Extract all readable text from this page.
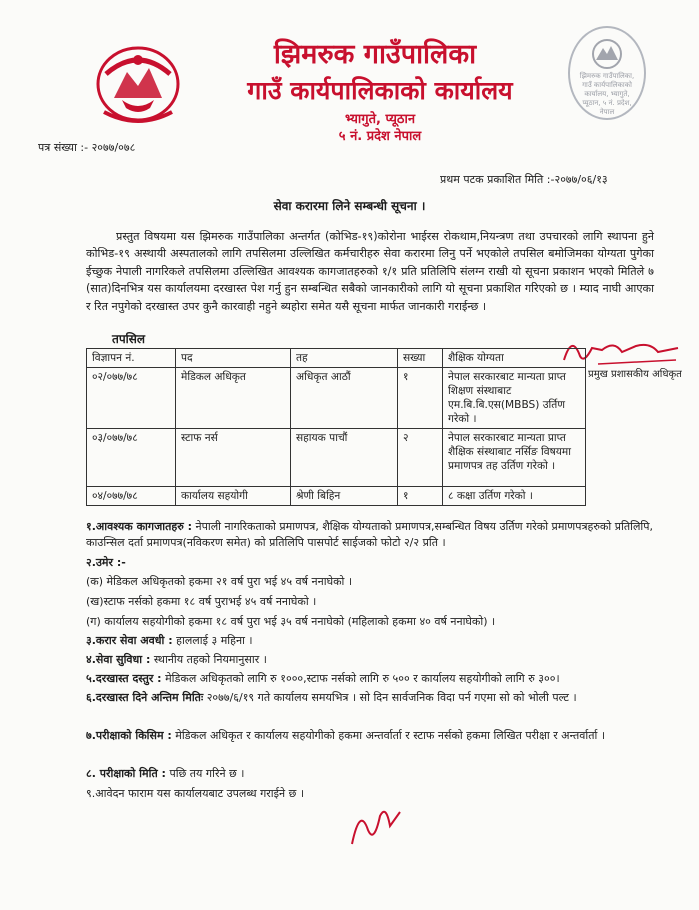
झिमरुक गाउँपालिका
गाउँ कार्यपालिकाको कार्यालय
भ्यागुते, प्यूठान
५ नं. प्रदेश नेपाल
झिमरुक गाउँपालिका, गाउँ कार्यपालिकाको कार्यालय, भ्यागुते, प्यूठान, ५ नं. प्रदेश, नेपाल
पत्र संख्या :- २०७७/०७८
प्रथम पटक प्रकाशित मिति :-२०७७/०६/१३
सेवा करारमा लिने सम्बन्धी सूचना ।
प्रस्तुत विषयमा यस झिमरुक गाउँपालिका अन्तर्गत (कोभिड-१९)कोरोना भाईरस रोकथाम,नियन्त्रण तथा उपचारको लागि स्थापना हुने कोभिड-१९ अस्थायी अस्पतालको लागि तपसिलमा उल्लिखित कर्मचारीहरु सेवा करारमा लिनु पर्ने भएकोले तपसिल बमोजिमका योग्यता पुगेका ईच्छुक नेपाली नागरिकले तपसिलमा उल्लिखित आवश्यक कागजातहरुको १/१ प्रति प्रतिलिपि संलग्न राखी यो सूचना प्रकाशन भएको मितिले ७ (सात)दिनभित्र यस कार्यालयमा दरखास्त पेश गर्नु हुन सम्बन्धित सबैको जानकारीको लागि यो सूचना प्रकाशित गरिएको छ । म्याद नाघी आएका र रित नपुगेको दरखास्त उपर कुनै कारवाही नहुने ब्यहोरा समेत यसै सूचना मार्फत जानकारी गराईन्छ ।
प्रमुख प्रशासकीय अधिकृत
तपसिल
विज्ञापन नं.	पद	तह	सख्या	शैक्षिक योग्यता
०२/०७७/७८	मेडिकल अधिकृत	अधिकृत आठौं	१	नेपाल सरकारबाट मान्यता प्राप्त शिक्षण संस्थाबाट एम.बि.बि.एस(MBBS) उर्तिण गरेको ।
०३/०७७/७८	स्टाफ नर्स	सहायक पाचौं	२	नेपाल सरकारबाट मान्यता प्राप्त शैक्षिक संस्थाबाट नर्सिङ विषयमा प्रमाणपत्र तह उर्तिण गरेको ।
०४/०७७/७८	कार्यालय सहयोगी	श्रेणी बिहिन	१	८ कक्षा उर्तिण गरेको ।
१.आवश्यक कागजातहरु : नेपाली नागरिकताको प्रमाणपत्र, शैक्षिक योग्यताको प्रमाणपत्र,सम्बन्धित विषय उर्तिण गरेको प्रमाणपत्रहरुको प्रतिलिपि, काउन्सिल दर्ता प्रमाणपत्र(नविकरण समेत) को प्रतिलिपि पासपोर्ट साईजको फोटो २/२ प्रति ।
२.उमेर :-
(क) मेडिकल अधिकृतको हकमा २१ वर्ष पुरा भई ४५ वर्ष ननाघेको ।
(ख)स्टाफ नर्सको हकमा १८ वर्ष पुराभई ४५ वर्ष ननाघेको ।
(ग) कार्यालय सहयोगीको हकमा १८ वर्ष पुरा भई ३५ वर्ष ननाघेको (महिलाको हकमा ४० वर्ष ननाघेको) ।
३.करार सेवा अवधी : हाललाई ३ महिना ।
४.सेवा सुविधा : स्थानीय तहको नियमानुसार ।
५.दरखास्त दस्तुर : मेडिकल अधिकृतको लागि रु १०००,स्टाफ नर्सको लागि रु ५०० र कार्यालय सहयोगीको लागि रु ३००।
६.दरखास्त दिने अन्तिम मितिः २०७७/६/१९ गते कार्यालय समयभित्र । सो दिन सार्वजनिक विदा पर्न गएमा सो को भोली पल्ट ।
७.परीक्षाको किसिम : मेडिकल अधिकृत र कार्यालय सहयोगीको हकमा अन्तर्वार्ता र स्टाफ नर्सको हकमा लिखित परीक्षा र अन्तर्वार्ता ।
८. परीक्षाको मिति : पछि तय गरिने छ ।
९.आवेदन फाराम यस कार्यालयबाट उपलब्ध गराईने छ ।
